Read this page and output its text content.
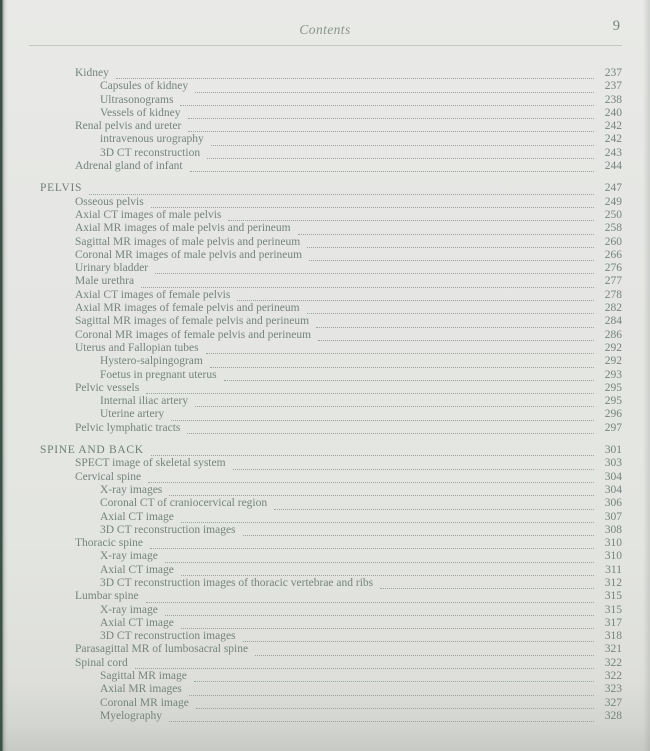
Contents	9
Kidney	237
Capsules of kidney	237
Ultrasonograms	238
Vessels of kidney	240
Renal pelvis and ureter	242
intravenous urography	242
3D CT reconstruction	243
Adrenal gland of infant	244
PELVIS	247
Osseous pelvis	249
Axial CT images of male pelvis	250
Axial MR images of male pelvis and perineum	258
Sagittal MR images of male pelvis and perineum	260
Coronal MR images of male pelvis and perineum	266
Urinary bladder	276
Male urethra	277
Axial CT images of female pelvis	278
Axial MR images of female pelvis and perineum	282
Sagittal MR images of female pelvis and perineum	284
Coronal MR images of female pelvis and perineum	286
Uterus and Fallopian tubes	292
Hystero-salpingogram	292
Foetus in pregnant uterus	293
Pelvic vessels	295
Internal iliac artery	295
Uterine artery	296
Pelvic lymphatic tracts	297
SPINE AND BACK	301
SPECT image of skeletal system	303
Cervical spine	304
X-ray images	304
Coronal CT of craniocervical region	306
Axial CT image	307
3D CT reconstruction images	308
Thoracic spine	310
X-ray image	310
Axial CT image	311
3D CT reconstruction images of thoracic vertebrae and ribs	312
Lumbar spine	315
X-ray image	315
Axial CT image	317
3D CT reconstruction images	318
Parasagittal MR of lumbosacral spine	321
Spinal cord	322
Sagittal MR image	322
Axial MR images	323
Coronal MR image	327
Myelography	328
